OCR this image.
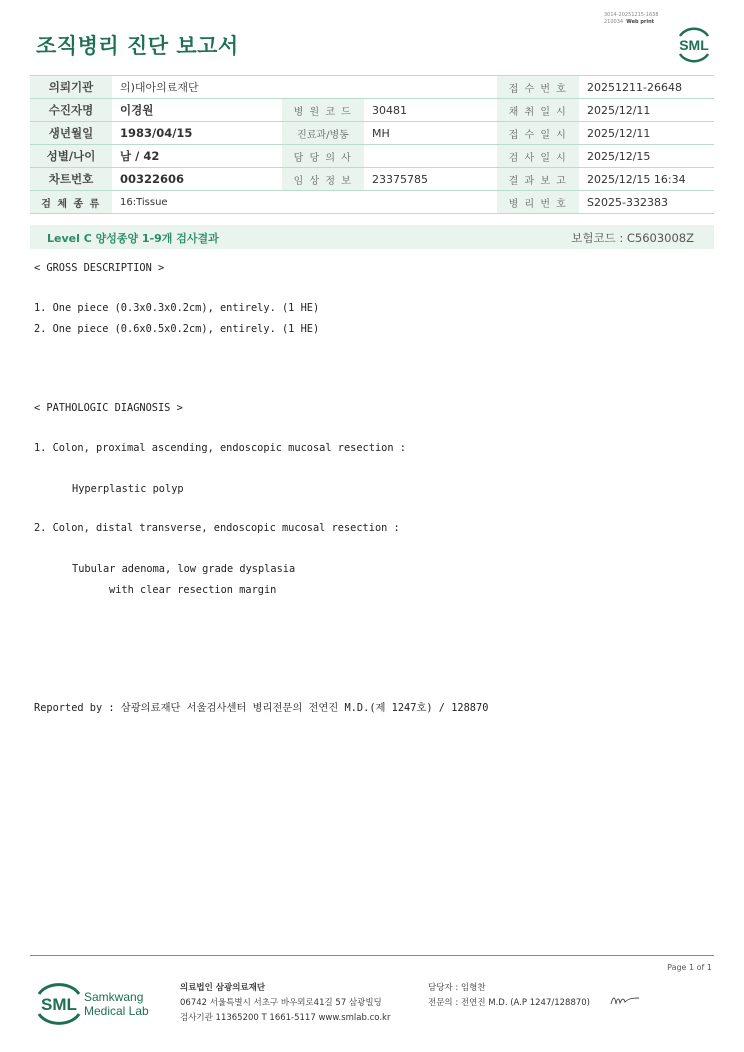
3014-20251215-1638
210034 Web print
조직병리 진단 보고서	SML
의뢰기관	의)대아의료재단			접 수 번 호	20251211-26648
수진자명	이경원	병 원 코 드	30481	채 취 일 시	2025/12/11
생년월일	1983/04/15	진료과/병동	MH	접 수 일 시	2025/12/11
성별/나이	남 / 42	담 당 의 사		검 사 일 시	2025/12/15
차트번호	00322606	임 상 정 보	23375785	결 과 보 고	2025/12/15 16:34
검 체 종 류	16:Tissue			병 리 번 호	S2025-332383
Level C 양성종양 1-9개 검사결과	보험코드 : C5603008Z
< GROSS DESCRIPTION >
1. One piece (0.3x0.3x0.2cm), entirely. (1 HE)
2. One piece (0.6x0.5x0.2cm), entirely. (1 HE)
< PATHOLOGIC DIAGNOSIS >
1. Colon, proximal ascending, endoscopic mucosal resection :
Hyperplastic polyp
2. Colon, distal transverse, endoscopic mucosal resection :
Tubular adenoma, low grade dysplasia
with clear resection margin
Reported by : 삼광의료재단 서울검사센터 병리전문의 전연진 M.D.(제 1247호) / 128870
Page 1 of 1
SML Samkwang
Medical Lab
의료법인 삼광의료재단
06742 서울특별시 서초구 바우뫼로41길 57 삼광빌딩
검사기관 11365200 T 1661-5117 www.smlab.co.kr
담당자 : 임형찬
전문의 : 전연진 M.D. (A.P 1247/128870)
